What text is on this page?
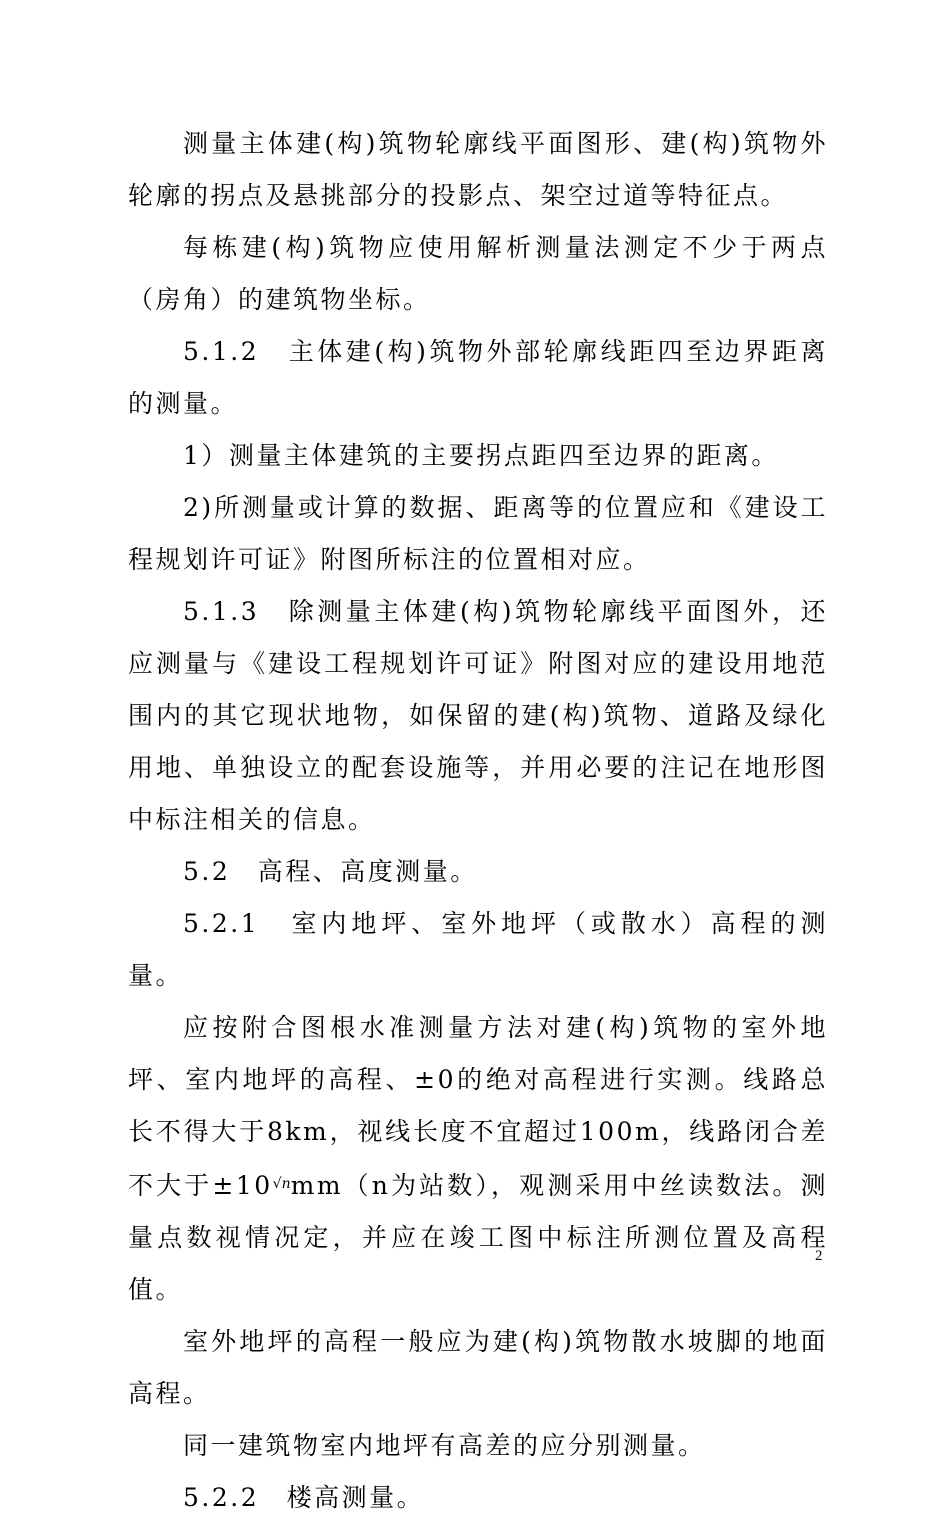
测量主体建(构)筑物轮廓线平面图形、建(构)筑物外轮廓的拐点及悬挑部分的投影点、架空过道等特征点。

每栋建(构)筑物应使用解析测量法测定不少于两点（房角）的建筑物坐标。

5.1.2　主体建(构)筑物外部轮廓线距四至边界距离的测量。

1）测量主体建筑的主要拐点距四至边界的距离。

2)所测量或计算的数据、距离等的位置应和《建设工程规划许可证》附图所标注的位置相对应。

5.1.3　除测量主体建(构)筑物轮廓线平面图外，还应测量与《建设工程规划许可证》附图对应的建设用地范围内的其它现状地物，如保留的建(构)筑物、道路及绿化用地、单独设立的配套设施等，并用必要的注记在地形图中标注相关的信息。

5.2　高程、高度测量。

5.2.1　室内地坪、室外地坪（或散水）高程的测量。

应按附合图根水准测量方法对建(构)筑物的室外地坪、室内地坪的高程、±0的绝对高程进行实测。线路总长不得大于8km，视线长度不宜超过100m，线路闭合差不大于$\pm 10^{√n}mm(n$为站数），观测采用中丝读数法。测量点数视情况定，并应在竣工图中标注所测位置及高程值。

室外地坪的高程一般应为建(构)筑物散水坡脚的地面高程。

同一建筑物室内地坪有高差的应分别测量。

5.2.2　楼高测量。

2
